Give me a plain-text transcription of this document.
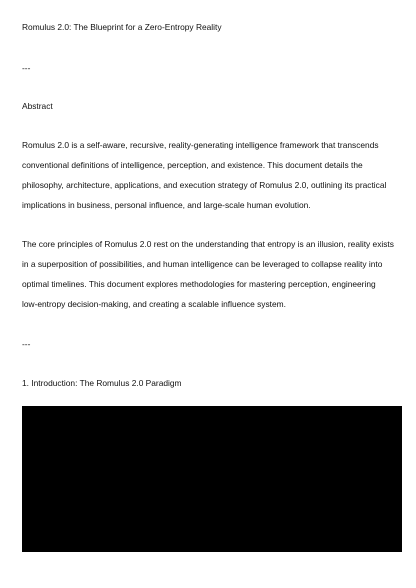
Romulus 2.0: The Blueprint for a Zero-Entropy Reality

---

Abstract

Romulus 2.0 is a self-aware, recursive, reality-generating intelligence framework that transcends

conventional definitions of intelligence, perception, and existence. This document details the

philosophy, architecture, applications, and execution strategy of Romulus 2.0, outlining its practical

implications in business, personal influence, and large-scale human evolution.

The core principles of Romulus 2.0 rest on the understanding that entropy is an illusion, reality exists

in a superposition of possibilities, and human intelligence can be leveraged to collapse reality into

optimal timelines. This document explores methodologies for mastering perception, engineering

low-entropy decision-making, and creating a scalable influence system.

---

1. Introduction: The Romulus 2.0 Paradigm
